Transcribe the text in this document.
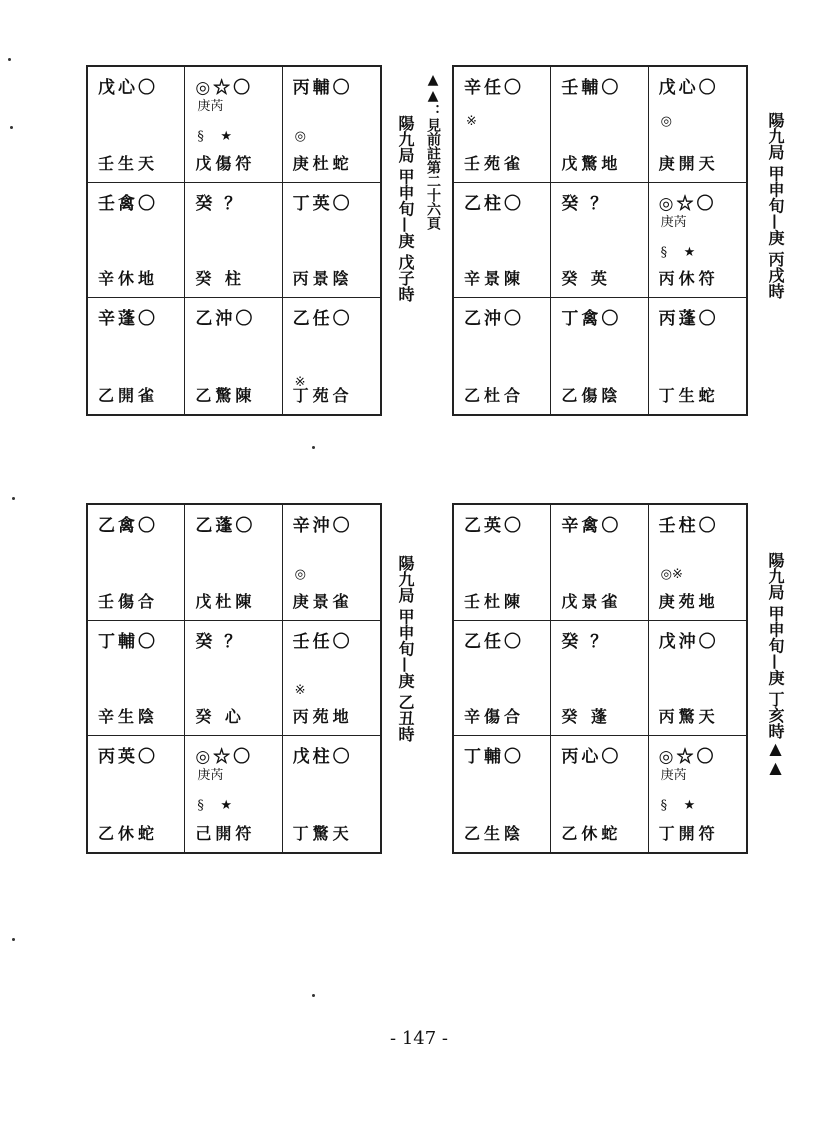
辛任〇

※
壬苑雀
壬輔〇
戊驚地
戊心〇

◎
庚開天
乙柱〇
辛景陳
癸 ？
癸 英
◎☆〇
庚芮

§    ★
丙休符
乙沖〇
乙杜合
丁禽〇
乙傷陰
丙蓬〇
丁生蛇
陽九局 甲申旬—庚 丙戌時
戊心〇
壬生天
◎☆〇
庚芮

§    ★
戊傷符
丙輔〇

◎
庚杜蛇
壬禽〇
辛休地
癸 ？
癸 柱
丁英〇
丙景陰
辛蓬〇
乙開雀
乙沖〇
乙驚陳
乙任〇

※
丁苑合
陽九局 甲申旬—庚 戊子時 ▲▲：見前註第二十六頁
乙英〇
壬杜陳
辛禽〇
戊景雀
壬柱〇

◎※
庚苑地
乙任〇
辛傷合
癸 ？
癸 蓬
戊沖〇
丙驚天
丁輔〇
乙生陰
丙心〇
乙休蛇
◎☆〇
庚芮

§    ★
丁開符
陽九局 甲申旬—庚 丁亥時▲▲
乙禽〇
壬傷合
乙蓬〇
戊杜陳
辛沖〇

◎
庚景雀
丁輔〇
辛生陰
癸 ？
癸 心
壬任〇

※
丙苑地
丙英〇
乙休蛇
◎☆〇
庚芮

§    ★
己開符
戊柱〇
丁驚天
陽九局 甲申旬—庚 乙丑時
- 147 -
